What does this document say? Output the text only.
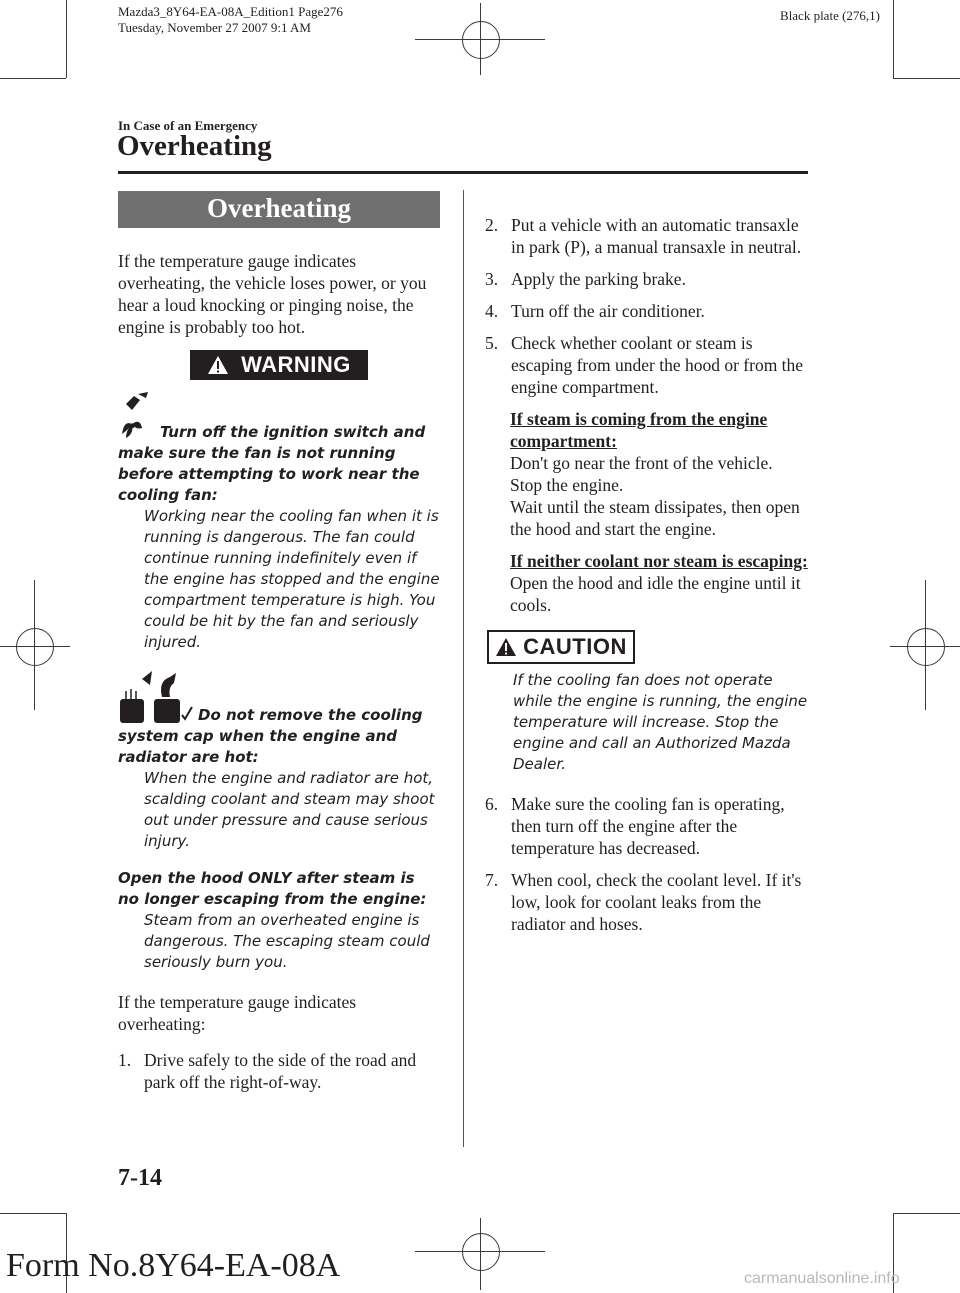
Mazda3_8Y64-EA-08A_Edition1 Page276
Tuesday, November 27 2007 9:1 AM
Black plate (276,1)
In Case of an Emergency
Overheating
Overheating
If the temperature gauge indicates overheating, the vehicle loses power, or you hear a loud knocking or pinging noise, the engine is probably too hot.
WARNING
Turn off the ignition switch and make sure the fan is not running before attempting to work near the cooling fan:
Working near the cooling fan when it is running is dangerous. The fan could continue running indefinitely even if the engine has stopped and the engine compartment temperature is high. You could be hit by the fan and seriously injured.
Do not remove the cooling system cap when the engine and radiator are hot:
When the engine and radiator are hot, scalding coolant and steam may shoot out under pressure and cause serious injury.
Open the hood ONLY after steam is no longer escaping from the engine:
Steam from an overheated engine is dangerous. The escaping steam could seriously burn you.
If the temperature gauge indicates overheating:
1. Drive safely to the side of the road and park off the right-of-way.
2. Put a vehicle with an automatic transaxle in park (P), a manual transaxle in neutral.
3. Apply the parking brake.
4. Turn off the air conditioner.
5. Check whether coolant or steam is escaping from under the hood or from the engine compartment.
If steam is coming from the engine compartment:
Don't go near the front of the vehicle.
Stop the engine.
Wait until the steam dissipates, then open the hood and start the engine.
If neither coolant nor steam is escaping:
Open the hood and idle the engine until it cools.
CAUTION
If the cooling fan does not operate while the engine is running, the engine temperature will increase. Stop the engine and call an Authorized Mazda Dealer.
6. Make sure the cooling fan is operating, then turn off the engine after the temperature has decreased.
7. When cool, check the coolant level. If it's low, look for coolant leaks from the radiator and hoses.
7-14
Form No.8Y64-EA-08A	carmanualsonline.info
